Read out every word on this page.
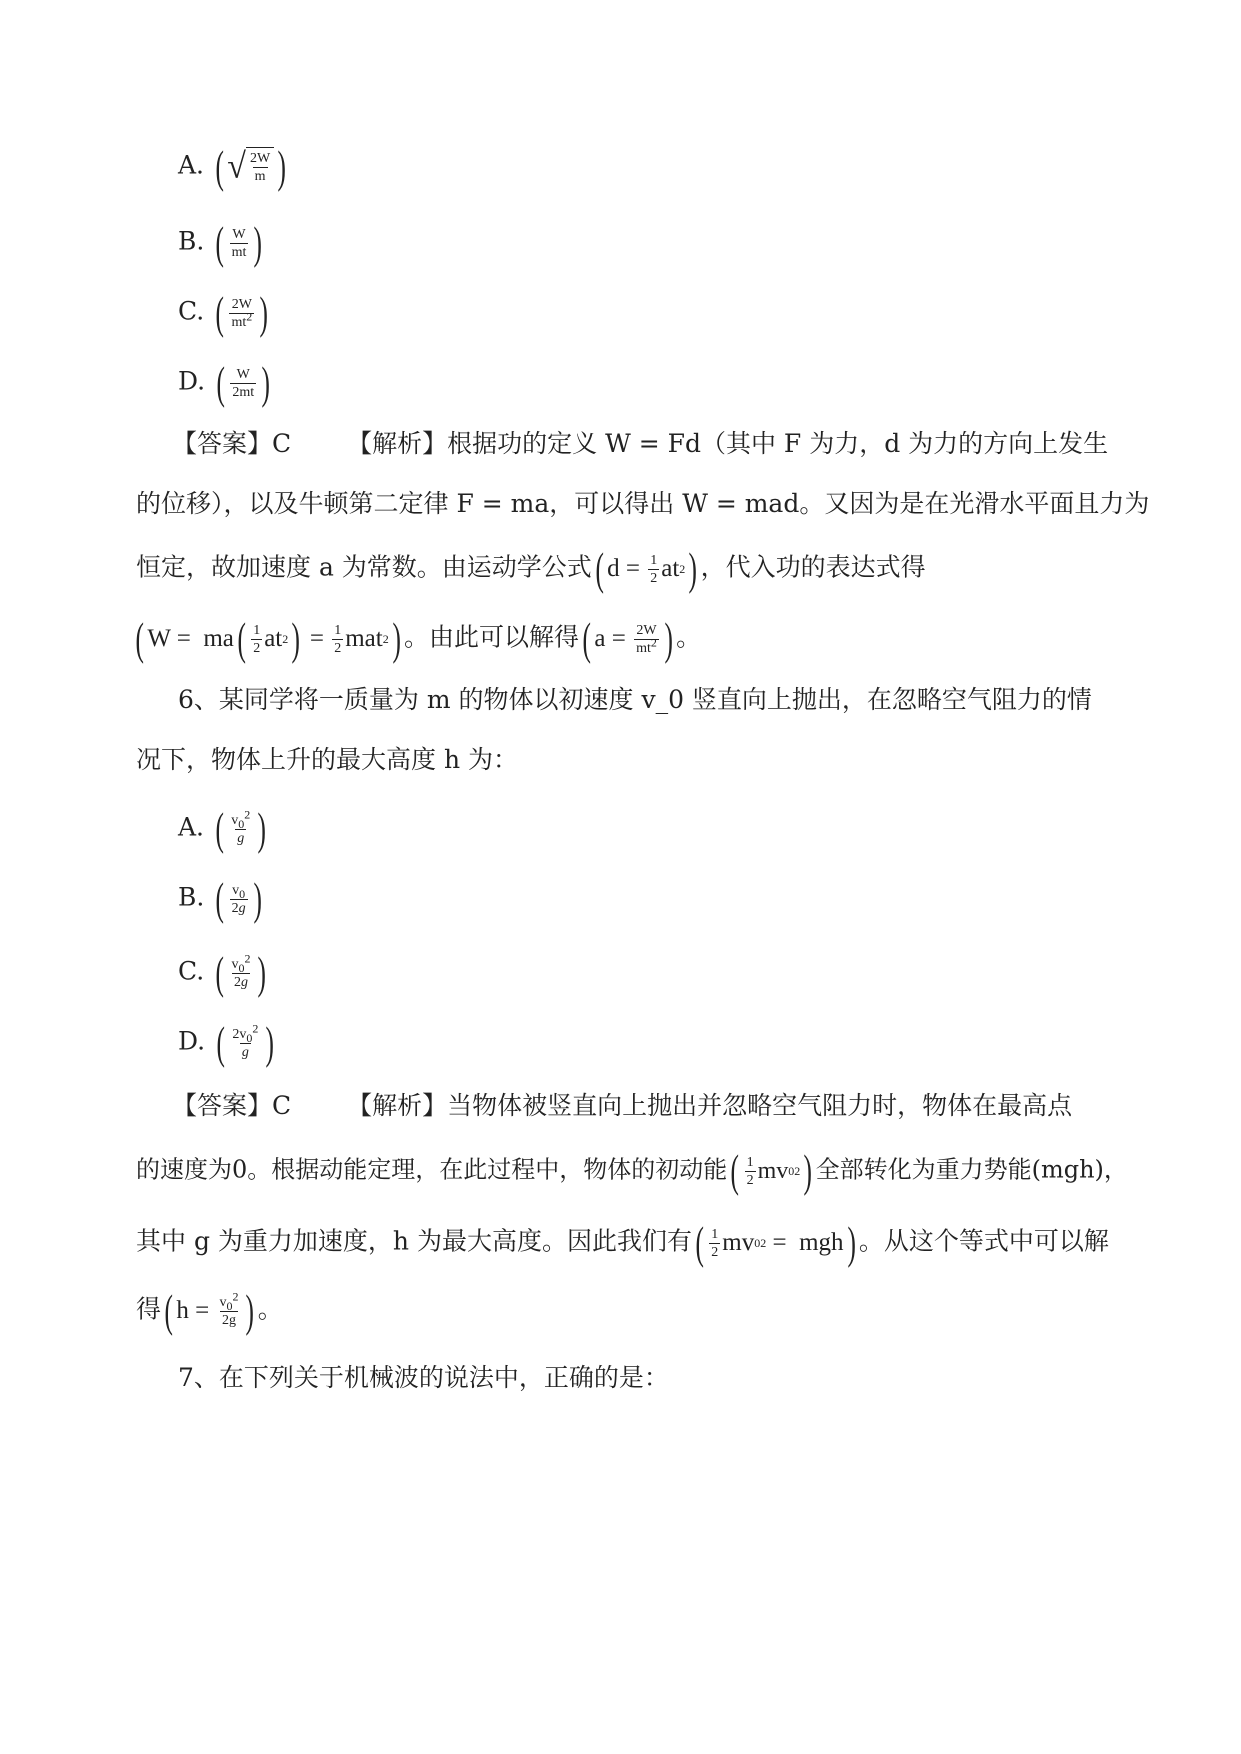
A. ( √ $\frac{2W}{m}$ )
B. ( $\frac{W}{mt}$ )
C. ( $\frac{2W}{mt^2}$ )
D. ( $\frac{W}{2mt}$ )
【答案】C 【解析】根据功的定义 W = Fd（其中 F 为力，d 为力的方向上发生
的位移），以及牛顿第二定律 F = ma，可以得出 W = mad。又因为是在光滑水平面且力为
恒定，故加速度 a 为常数。由运动学公式 ( $d = \frac{1}{2}$ at 2 ) ，代入功的表达式得
( W =  ma ( $\frac{1}{2}$ at 2 ) = $\frac{1}{2}$ mat 2 ) 。由此可以解得 ( $a = \frac{2W}{mt^2}$ ) 。
6、某同学将一质量为 m 的物体以初速度 v_0 竖直向上抛出，在忽略空气阻力的情
况下，物体上升的最大高度 h 为：
A. ( $\frac{v_0^2}{g}$ )
B. ( $\frac{v_0}{2g}$ )
C. ( $\frac{v_0^2}{2g}$ )
D. ( $\frac{2v_0^2}{g}$ )
【答案】C 【解析】当物体被竖直向上抛出并忽略空气阻力时，物体在最高点
的速度为0。根据动能定理，在此过程中，物体的初动能 ( $\frac{1}{2}$ mv 0 2 ) 全部转化为重力势能(mgh)，
其中 g 为重力加速度，h 为最大高度。因此我们有 ( $\frac{1}{2}$ mv 0 2 =  mgh ) 。从这个等式中可以解
得 ( $h = \frac{v_0^2}{2g}$ ) 。
7、在下列关于机械波的说法中，正确的是：
